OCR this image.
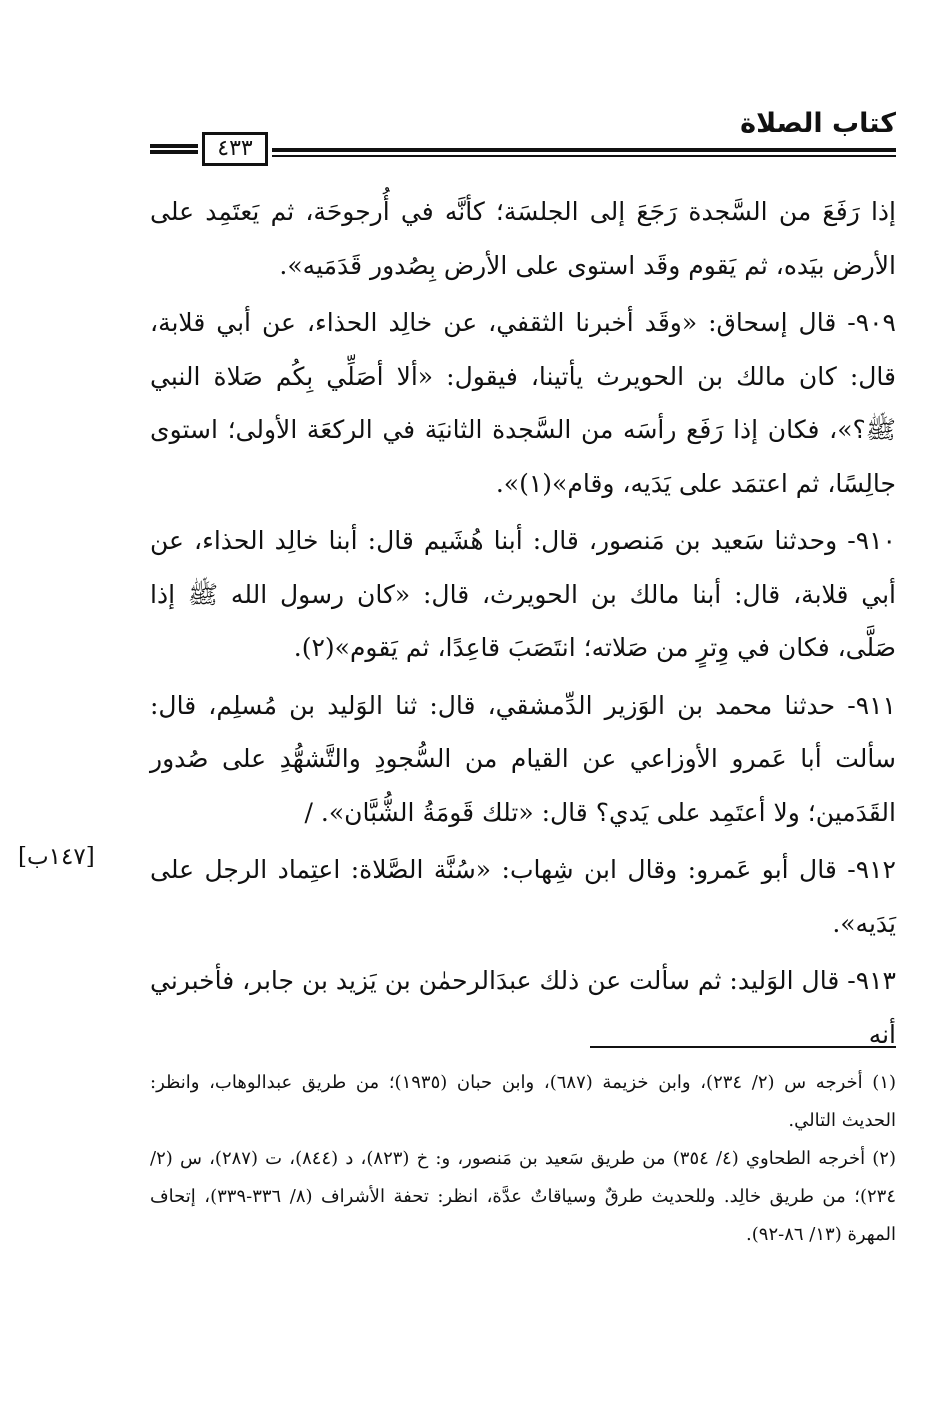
كتاب الصلاة
٤٣٣

إذا رَفَعَ من السَّجدة رَجَعَ إلى الجلسَة؛ كأنَّه في أُرجوحَة، ثم يَعتَمِد على الأرض بيَده، ثم يَقوم وقَد استوى على الأرض بِصُدور قَدَمَيه».

٩٠٩- قال إسحاق: «وقَد أخبرنا الثقفي، عن خالِد الحذاء، عن أبي قلابة، قال: كان مالك بن الحويرث يأتينا، فيقول: «ألا أصَلِّي بِكُم صَلاة النبي ﷺ؟»، فكان إذا رَفَع رأسَه من السَّجدة الثانيَة في الركعَة الأولى؛ استوى جالِسًا، ثم اعتمَد على يَدَيه، وقام»(١)».

٩١٠- وحدثنا سَعيد بن مَنصور، قال: أبنا هُشَيم قال: أبنا خالِد الحذاء، عن أبي قلابة، قال: أبنا مالك بن الحويرث، قال: «كان رسول الله ﷺ إذا صَلَّى، فكان في وِترٍ من صَلاته؛ انتَصَبَ قاعِدًا، ثم يَقوم»(٢).

٩١١- حدثنا محمد بن الوَزير الدِّمشقي، قال: ثنا الوَليد بن مُسلِم، قال: سألت أبا عَمرو الأوزاعي عن القيام من السُّجودِ والتَّشهُّدِ على صُدور القَدَمين؛ ولا أعتَمِد على يَدي؟ قال: «تلك قَومَةُ الشُّبَّان». /

٩١٢- قال أبو عَمرو: وقال ابن شِهاب: «سُنَّة الصَّلاة: اعتِماد الرجل على يَدَيه».

٩١٣- قال الوَليد: ثم سألت عن ذلك عبدَالرحمٰن بن يَزيد بن جابر، فأخبرني أنه

[١٤٧ب]

(١) أخرجه س (٢/ ٢٣٤)، وابن خزيمة (٦٨٧)، وابن حبان (١٩٣٥)؛ من طريق عبدالوهاب، وانظر: الحديث التالي.

(٢) أخرجه الطحاوي (٤/ ٣٥٤) من طريق سَعيد بن مَنصور، و: خ (٨٢٣)، د (٨٤٤)، ت (٢٨٧)، س (٢/ ٢٣٤)؛ من طريق خالِد. وللحديث طرقٌ وسياقاتٌ عدَّة، انظر: تحفة الأشراف (٨/ ٣٣٦-٣٣٩)، إتحاف المهرة (١٣/ ٨٦-٩٢).
